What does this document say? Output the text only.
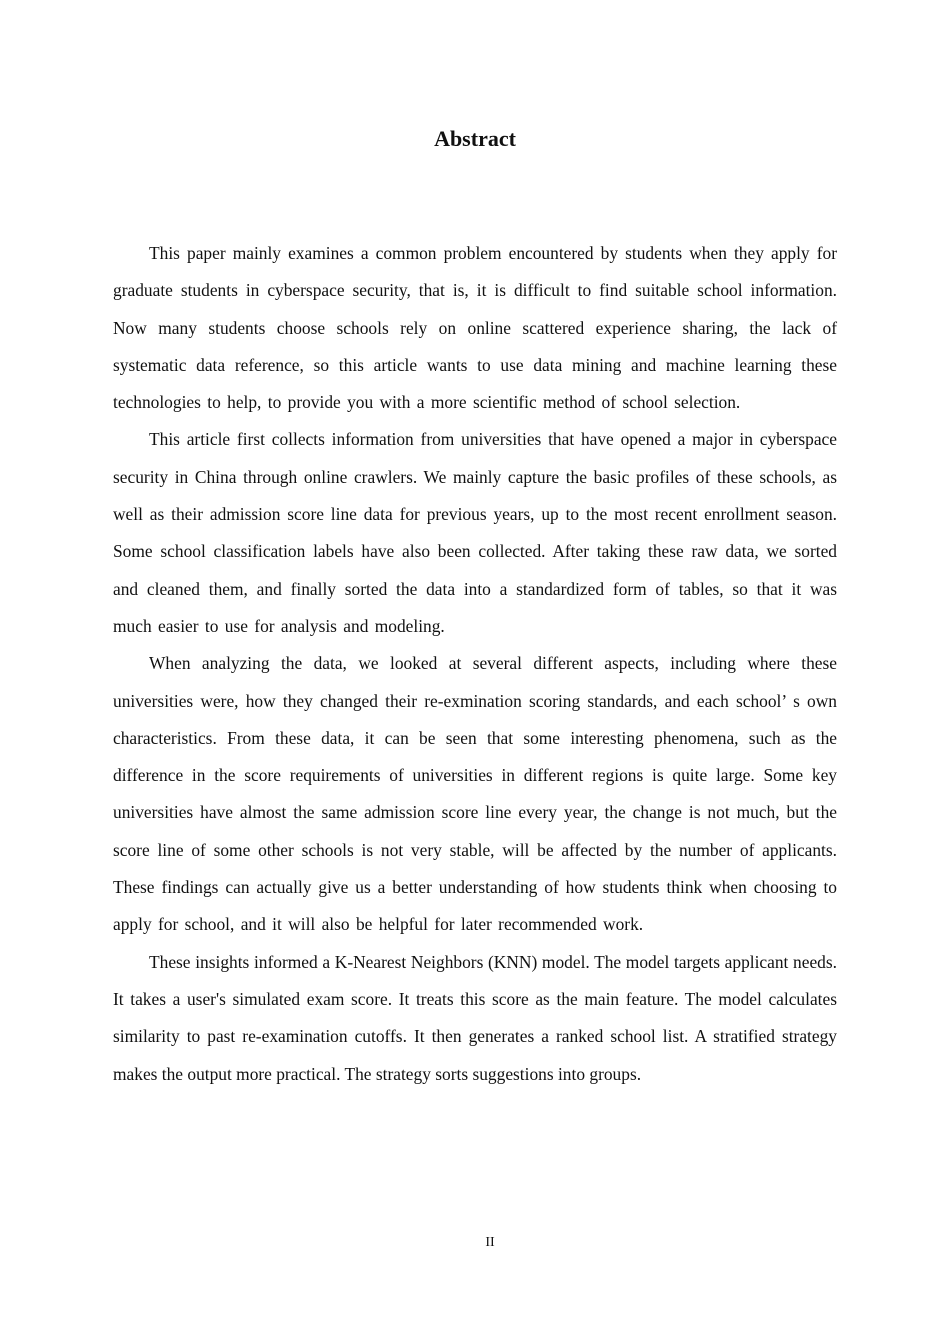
Abstract

This paper mainly examines a common problem encountered by students when they apply for graduate students in cyberspace security, that is, it is difficult to find suitable school information. Now many students choose schools rely on online scattered experience sharing, the lack of systematic data reference, so this article wants to use data mining and machine learning these technologies to help, to provide you with a more scientific method of school selection.

This article first collects information from universities that have opened a major in cyberspace security in China through online crawlers. We mainly capture the basic profiles of these schools, as well as their admission score line data for previous years, up to the most recent enrollment season. Some school classification labels have also been collected. After taking these raw data, we sorted and cleaned them, and finally sorted the data into a standardized form of tables, so that it was much easier to use for analysis and modeling.

When analyzing the data, we looked at several different aspects, including where these universities were, how they changed their re-exmination scoring standards, and each school’ s own characteristics. From these data, it can be seen that some interesting phenomena, such as the difference in the score requirements of universities in different regions is quite large. Some key universities have almost the same admission score line every year, the change is not much, but the score line of some other schools is not very stable, will be affected by the number of applicants. These findings can actually give us a better understanding of how students think when choosing to apply for school, and it will also be helpful for later recommended work.

These insights informed a K-Nearest Neighbors (KNN) model. The model targets applicant needs. It takes a user's simulated exam score. It treats this score as the main feature. The model calculates similarity to past re-examination cutoffs. It then generates a ranked school list. A stratified strategy makes the output more practical. The strategy sorts suggestions into groups.

II
